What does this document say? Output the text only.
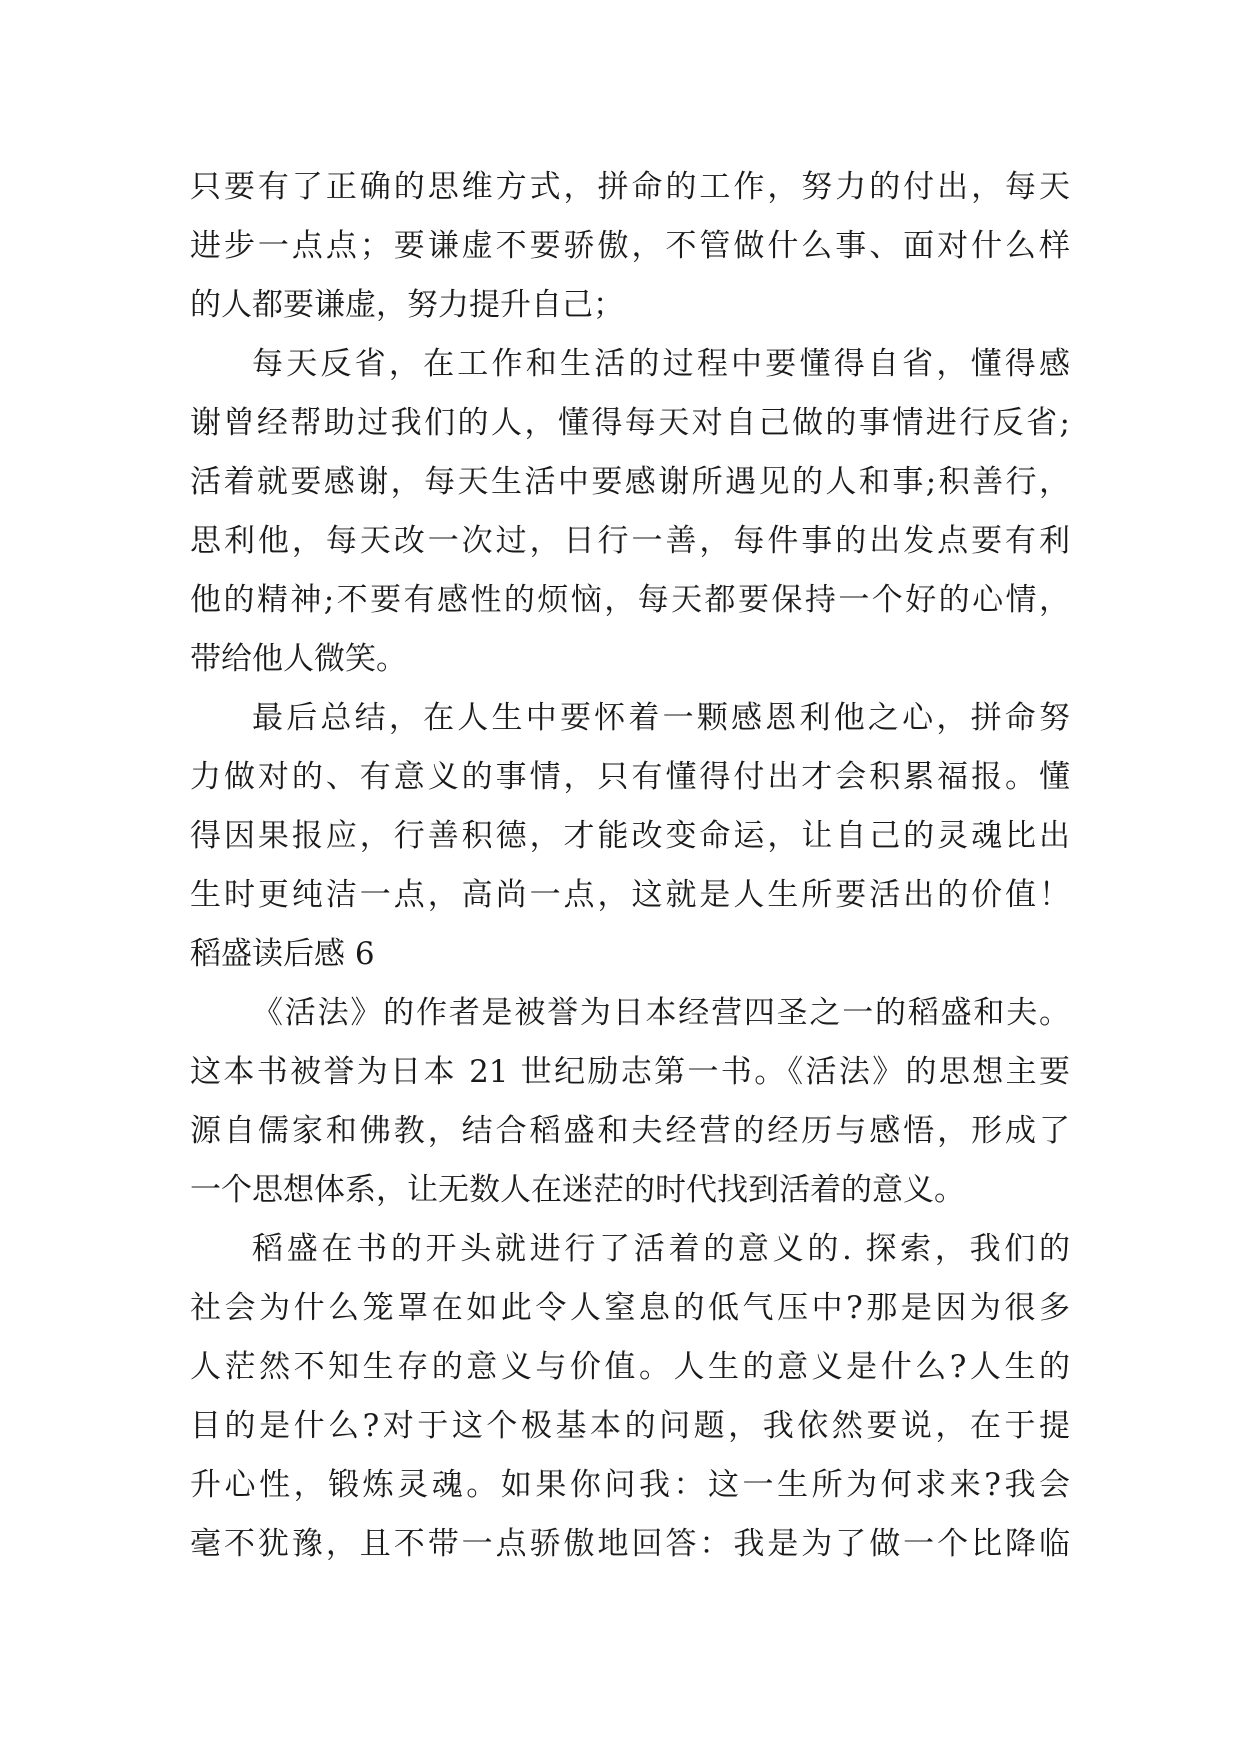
只要有了正确的思维方式，拼命的工作，努力的付出，每天
进步一点点；要谦虚不要骄傲，不管做什么事、面对什么样
的人都要谦虚，努力提升自己；
每天反省，在工作和生活的过程中要懂得自省，懂得感
谢曾经帮助过我们的人，懂得每天对自己做的事情进行反省;
活着就要感谢，每天生活中要感谢所遇见的人和事;积善行，
思利他，每天改一次过，日行一善，每件事的出发点要有利
他的精神;不要有感性的烦恼，每天都要保持一个好的心情，
带给他人微笑。
最后总结，在人生中要怀着一颗感恩利他之心，拼命努
力做对的、有意义的事情，只有懂得付出才会积累福报。懂
得因果报应，行善积德，才能改变命运，让自己的灵魂比出
生时更纯洁一点，高尚一点，这就是人生所要活出的价值！
稻盛读后感 6
《活法》的作者是被誉为日本经营四圣之一的稻盛和夫。
这本书被誉为日本 21 世纪励志第一书。《活法》的思想主要
源自儒家和佛教，结合稻盛和夫经营的经历与感悟，形成了
一个思想体系，让无数人在迷茫的时代找到活着的意义。
稻盛在书的开头就进行了活着的意义的. 探索，我们的
社会为什么笼罩在如此令人窒息的低气压中?那是因为很多
人茫然不知生存的意义与价值。人生的意义是什么?人生的
目的是什么?对于这个极基本的问题，我依然要说，在于提
升心性，锻炼灵魂。如果你问我：这一生所为何求来?我会
毫不犹豫，且不带一点骄傲地回答：我是为了做一个比降临
